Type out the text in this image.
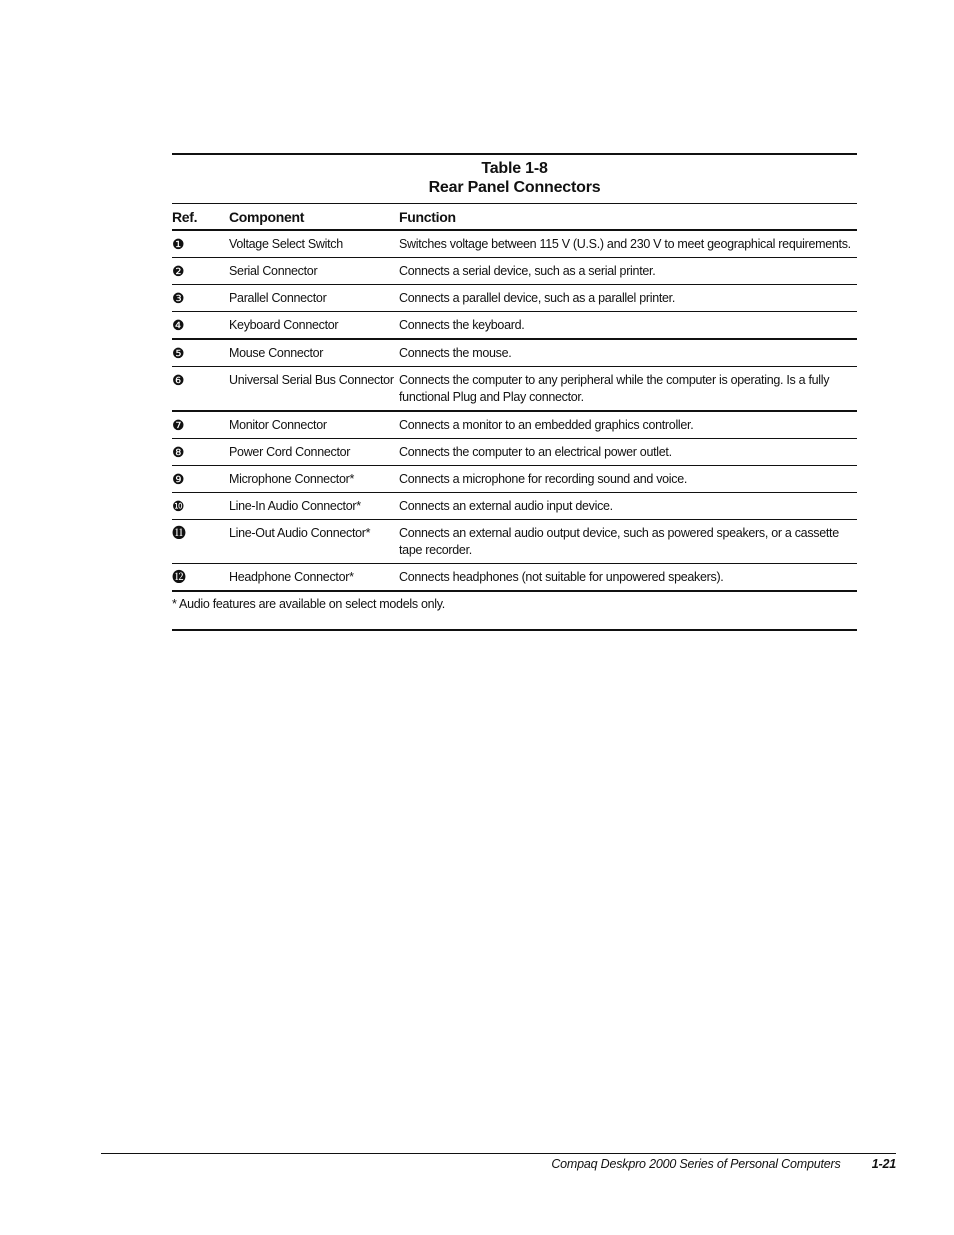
Table 1-8
Rear Panel Connectors
Ref.	Component	Function
❶	Voltage Select Switch	Switches voltage between 115 V (U.S.) and 230 V to meet geographical requirements.
❷	Serial Connector	Connects a serial device, such as a serial printer.
❸	Parallel Connector	Connects a parallel device, such as a parallel printer.
❹	Keyboard Connector	Connects the keyboard.
❺	Mouse Connector	Connects the mouse.
❻	Universal Serial Bus Connector	Connects the computer to any peripheral while the computer is operating. Is a fully functional Plug and Play connector.
❼	Monitor Connector	Connects a monitor to an embedded graphics controller.
❽	Power Cord Connector	Connects the computer to an electrical power outlet.
❾	Microphone Connector*	Connects a microphone for recording sound and voice.
❿	Line-In Audio Connector*	Connects an external audio input device.
⓫	Line-Out Audio Connector*	Connects an external audio output device, such as powered speakers, or a cassette tape recorder.
⓬	Headphone Connector*	Connects headphones (not suitable for unpowered speakers).
* Audio features are available on select models only.
Compaq Deskpro 2000 Series of Personal Computers	1-21
